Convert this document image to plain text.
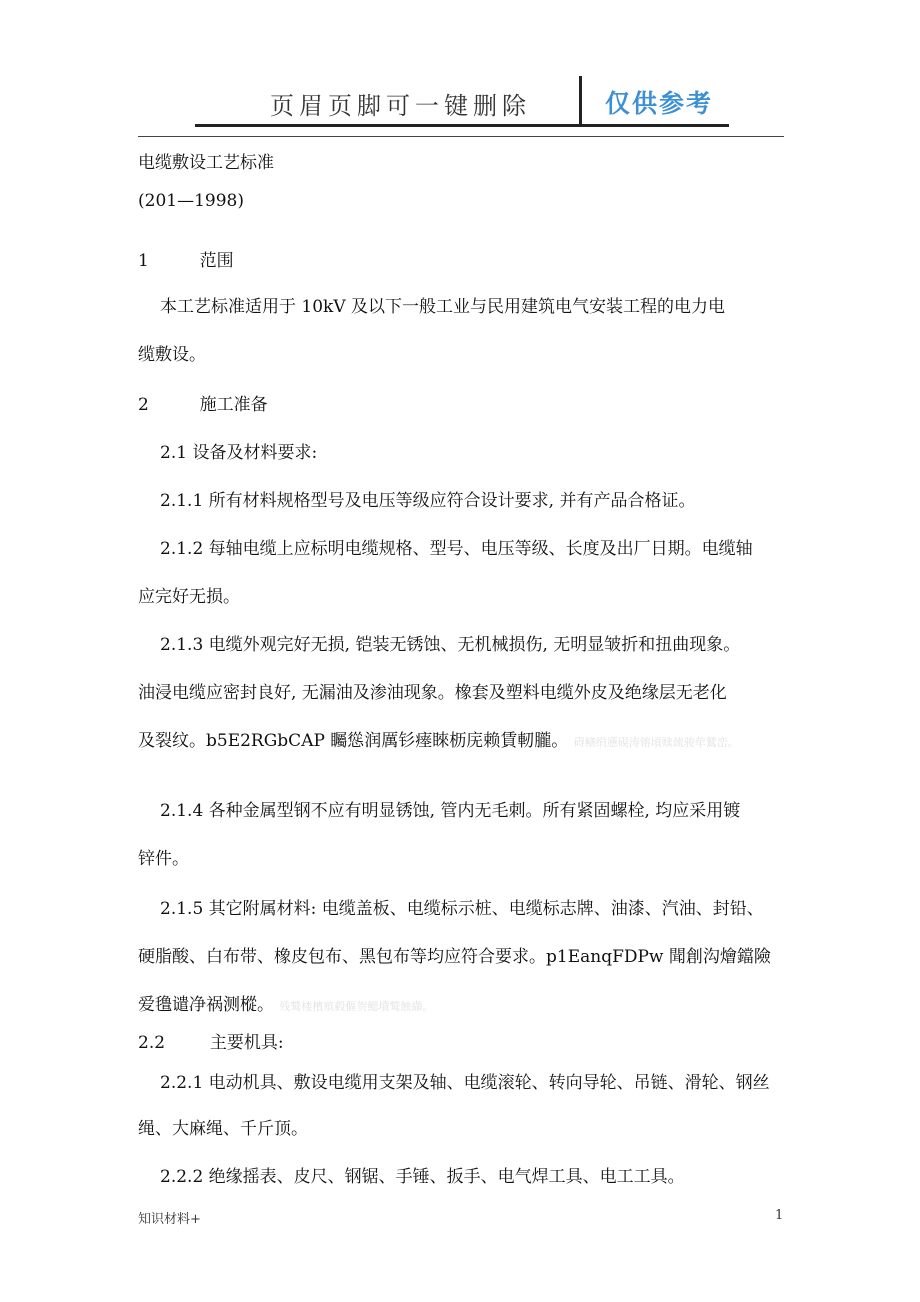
页眉页脚可一键删除	仅供参考
电缆敷设工艺标准
(201—1998)
1	范围
本工艺标准适用于 10kV 及以下一般工业与民用建筑电气安装工程的电力电
缆敷设。
2	施工准备
2.1 设备及材料要求:
2.1.1 所有材料规格型号及电压等级应符合设计要求, 并有产品合格证。
2.1.2 每轴电缆上应标明电缆规格、型号、电压等级、长度及出厂日期。电缆轴
应完好无损。
2.1.3 电缆外观完好无损, 铠装无锈蚀、无机械损伤, 无明显皱折和扭曲现象。
油浸电缆应密封良好, 无漏油及渗油现象。橡套及塑料电缆外皮及绝缘层无老化
及裂纹。b5E2RGbCAP 矚慫润厲钐瘗睞枥庑赖賃軔朧。 碍鳝绢懣硯涛镕頃赎巯骏荦鷲峦。
2.1.4 各种金属型钢不应有明显锈蚀, 管内无毛刺。所有紧固螺栓, 均应采用镀
锌件。
2.1.5 其它附属材料: 电缆盖板、电缆标示桩、电缆标志牌、油漆、汽油、封铅、
硬脂酸、白布带、橡皮包布、黑包布等均应符合要求。p1EanqFDPw 聞創沟燴鐺險
爱氇谴净祸测樅。 残鹫楼檳殡毂傴贺鳃墳鹫蝕纈。
2.2	主要机具:
2.2.1 电动机具、敷设电缆用支架及轴、电缆滚轮、转向导轮、吊链、滑轮、钢丝
绳、大麻绳、千斤顶。
2.2.2 绝缘摇表、皮尺、钢锯、手锤、扳手、电气焊工具、电工工具。
知识材料+	1
